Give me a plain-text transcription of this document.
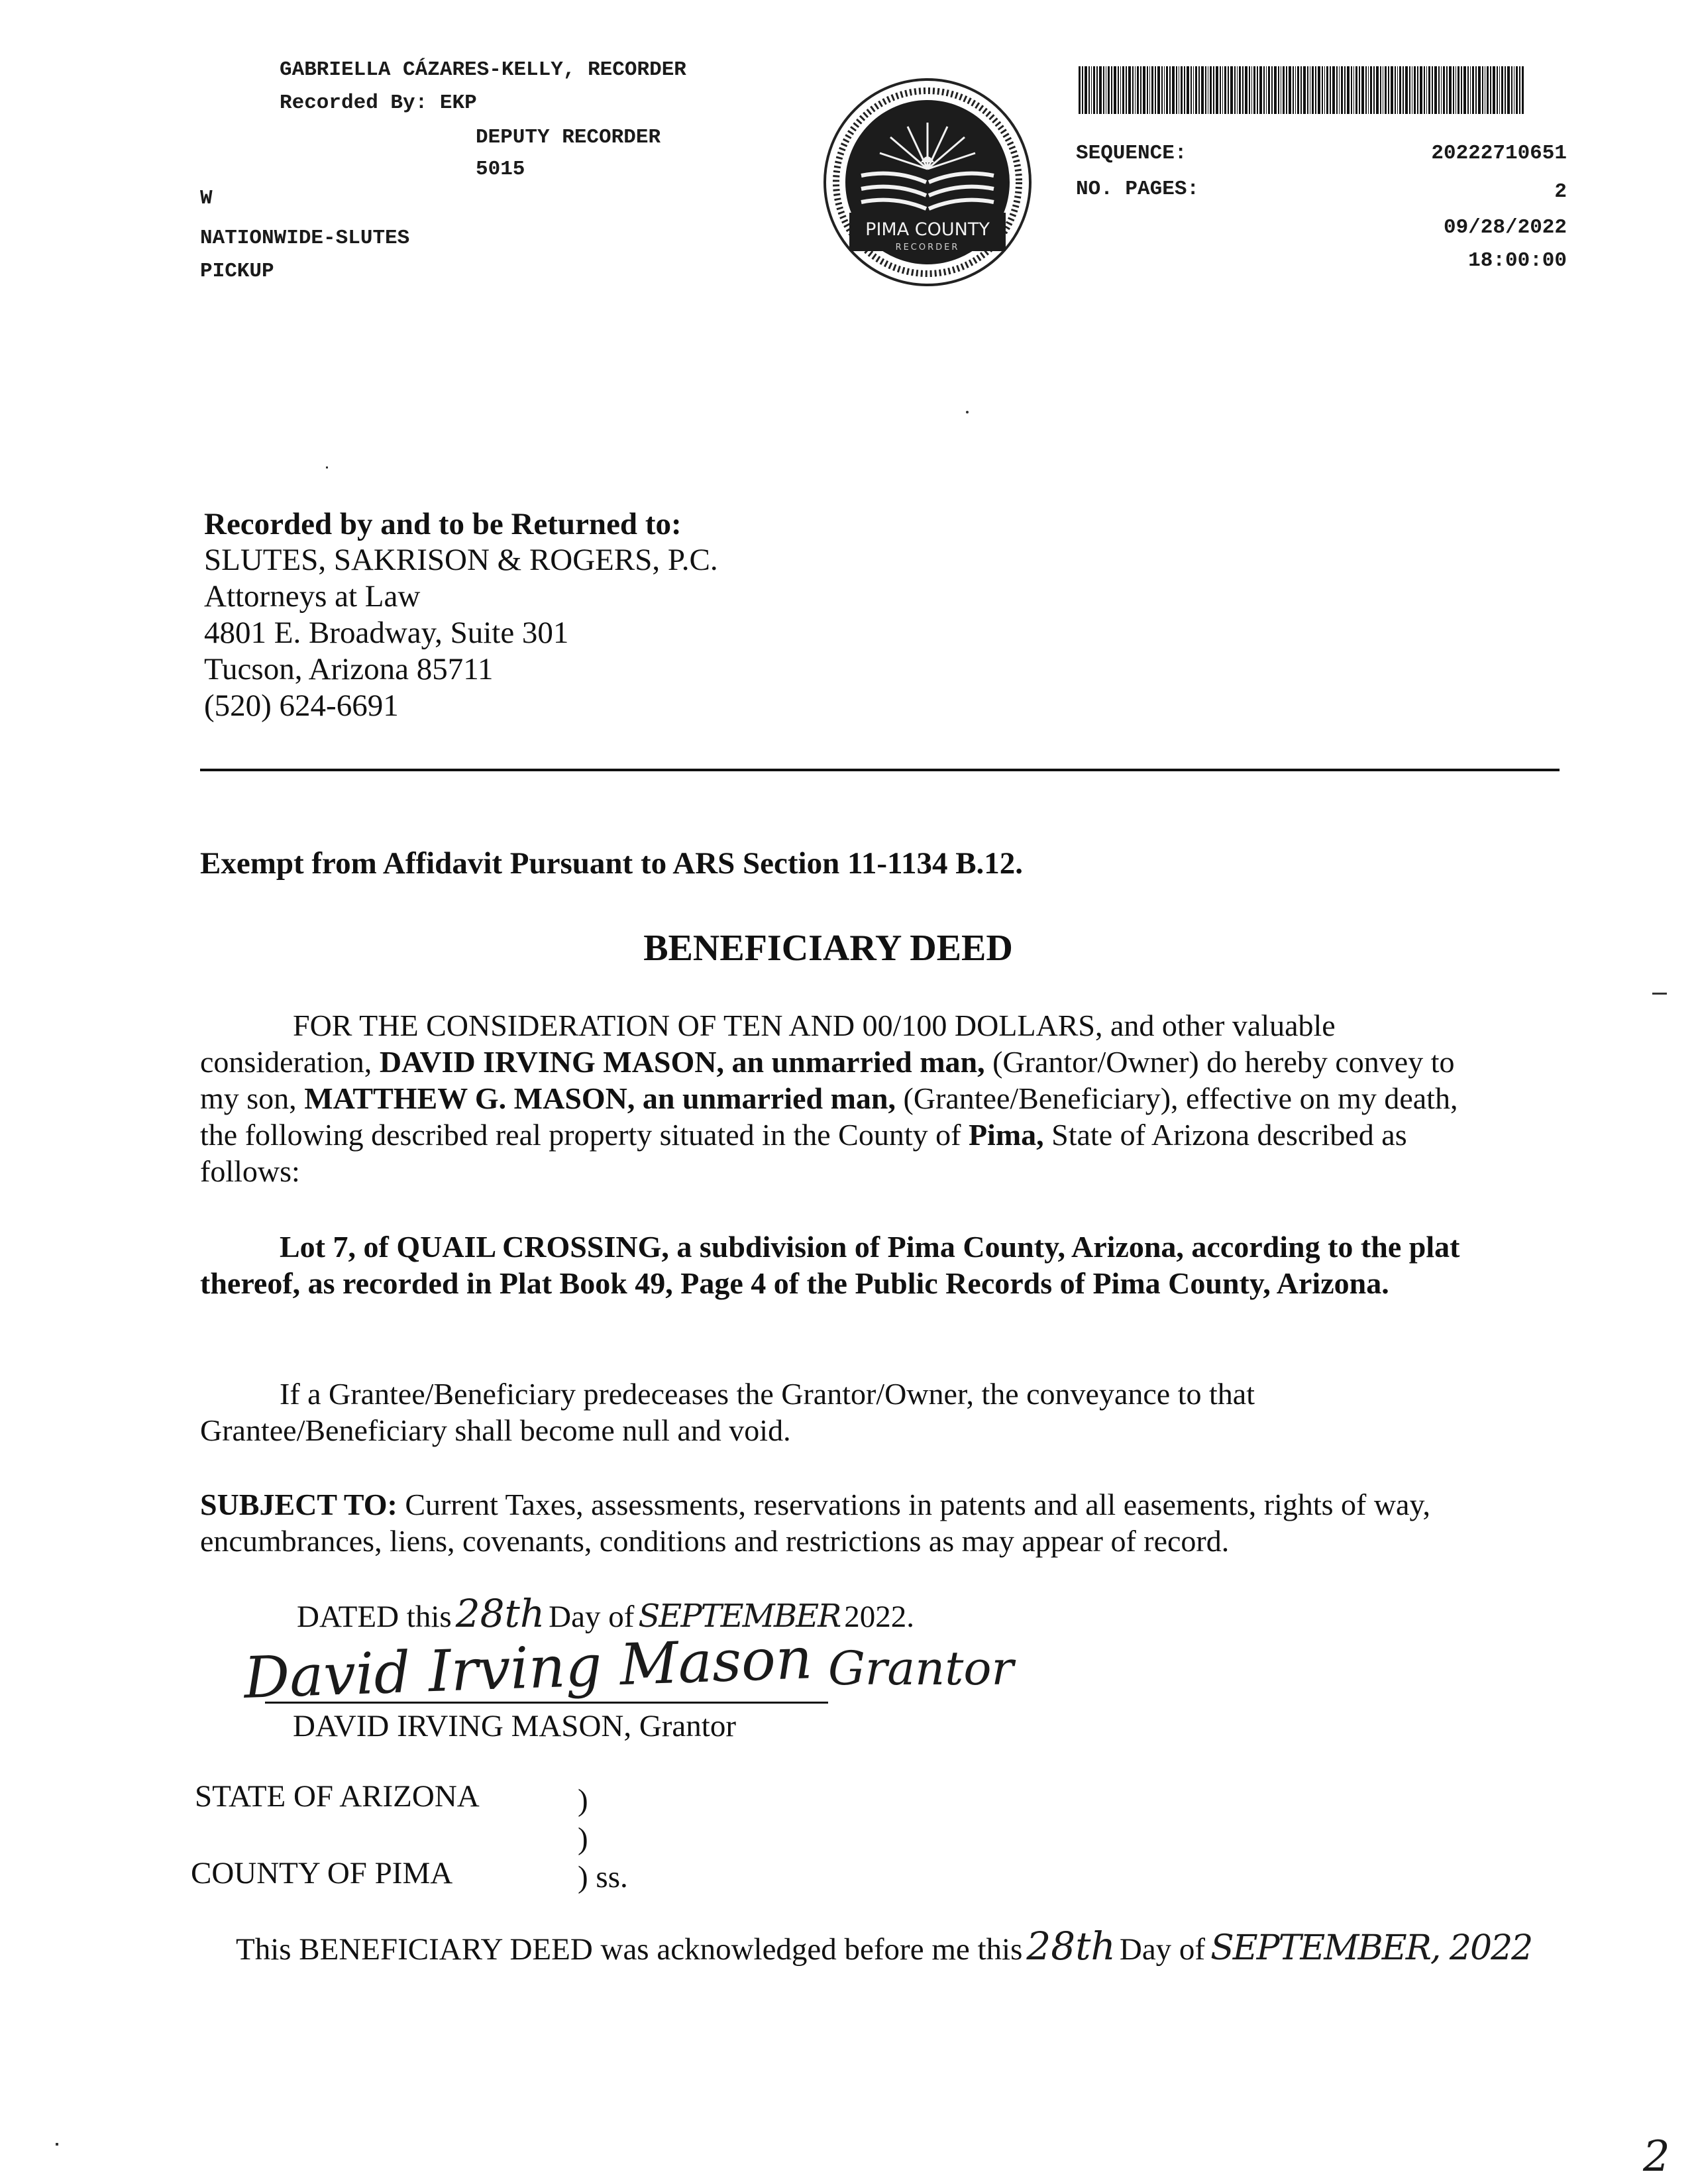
GABRIELLA CÁZARES-KELLY, RECORDER
Recorded By: EKP
DEPUTY RECORDER
5015
W
NATIONWIDE-SLUTES
PICKUP
PIMA COUNTY
RECORDER
SEQUENCE:	20222710651
NO. PAGES:	2
09/28/2022
18:00:00
Recorded by and to be Returned to:
SLUTES, SAKRISON & ROGERS, P.C.
Attorneys at Law
4801 E. Broadway, Suite 301
Tucson, Arizona 85711
(520) 624-6691
Exempt from Affidavit Pursuant to ARS Section 11-1134 B.12.
BENEFICIARY DEED
FOR THE CONSIDERATION OF TEN AND 00/100 DOLLARS, and other valuable consideration, DAVID IRVING MASON, an unmarried man, (Grantor/Owner) do hereby convey to my son, MATTHEW G. MASON, an unmarried man, (Grantee/Beneficiary), effective on my death, the following described real property situated in the County of Pima, State of Arizona described as follows:
Lot 7, of QUAIL CROSSING, a subdivision of Pima County, Arizona, according to the plat thereof, as recorded in Plat Book 49, Page 4 of the Public Records of Pima County, Arizona.
If a Grantee/Beneficiary predeceases the Grantor/Owner, the conveyance to that Grantee/Beneficiary shall become null and void.
SUBJECT TO: Current Taxes, assessments, reservations in patents and all easements, rights of way, encumbrances, liens, covenants, conditions and restrictions as may appear of record.
DATED this 28th Day of SEPTEMBER 2022.
David Irving Mason Grantor
DAVID IRVING MASON, Grantor
STATE OF ARIZONA	)
)
COUNTY OF PIMA	) ss.
This BENEFICIARY DEED was acknowledged before me this 28th Day of SEPTEMBER, 2022
2
